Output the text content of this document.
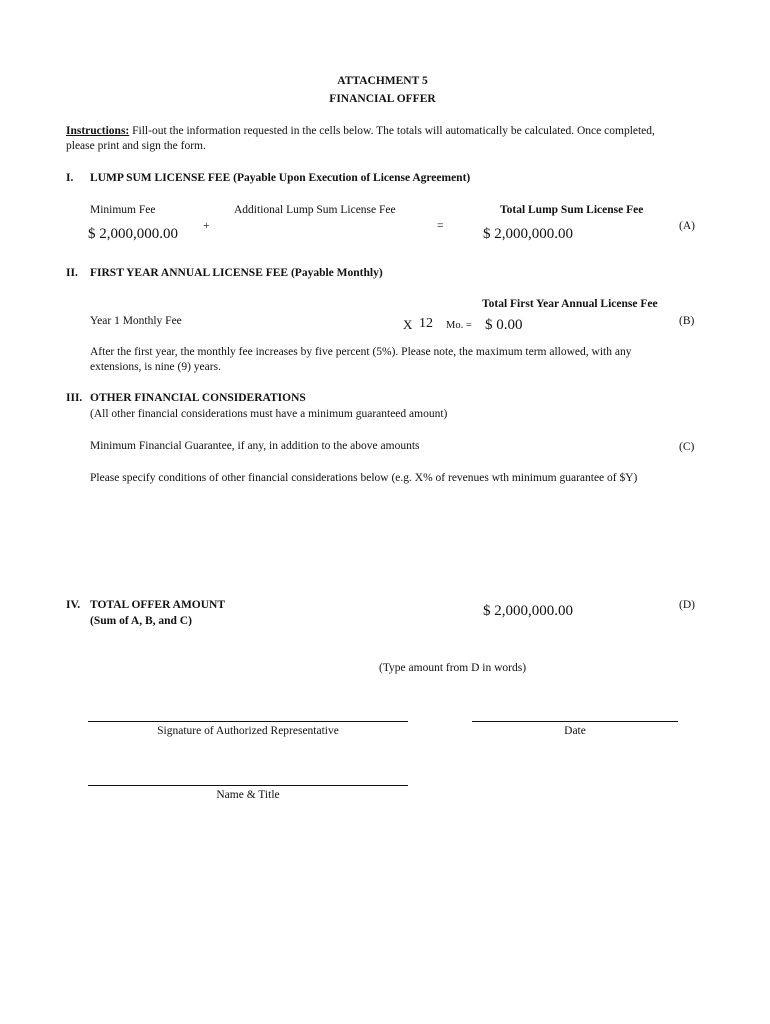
ATTACHMENT 5
FINANCIAL OFFER
Instructions: Fill-out the information requested in the cells below. The totals will automatically be calculated. Once completed,
please print and sign the form.
I. LUMP SUM LICENSE FEE (Payable Upon Execution of License Agreement)
Minimum Fee	Additional Lump Sum License Fee	Total Lump Sum License Fee
$ 2,000,000.00 +	=	$ 2,000,000.00	(A)
II. FIRST YEAR ANNUAL LICENSE FEE (Payable Monthly)
Total First Year Annual License Fee
Year 1 Monthly Fee	X 12 Mo. = $ 0.00	(B)
After the first year, the monthly fee increases by five percent (5%). Please note, the maximum term allowed, with any
extensions, is nine (9) years.
III. OTHER FINANCIAL CONSIDERATIONS
(All other financial considerations must have a minimum guaranteed amount)
Minimum Financial Guarantee, if any, in addition to the above amounts	(C)
Please specify conditions of other financial considerations below (e.g. X% of revenues wth minimum guarantee of $Y)
IV. TOTAL OFFER AMOUNT
(Sum of A, B, and C)
$ 2,000,000.00	(D)
(Type amount from D in words)
Signature of Authorized Representative	Date
Name & Title
